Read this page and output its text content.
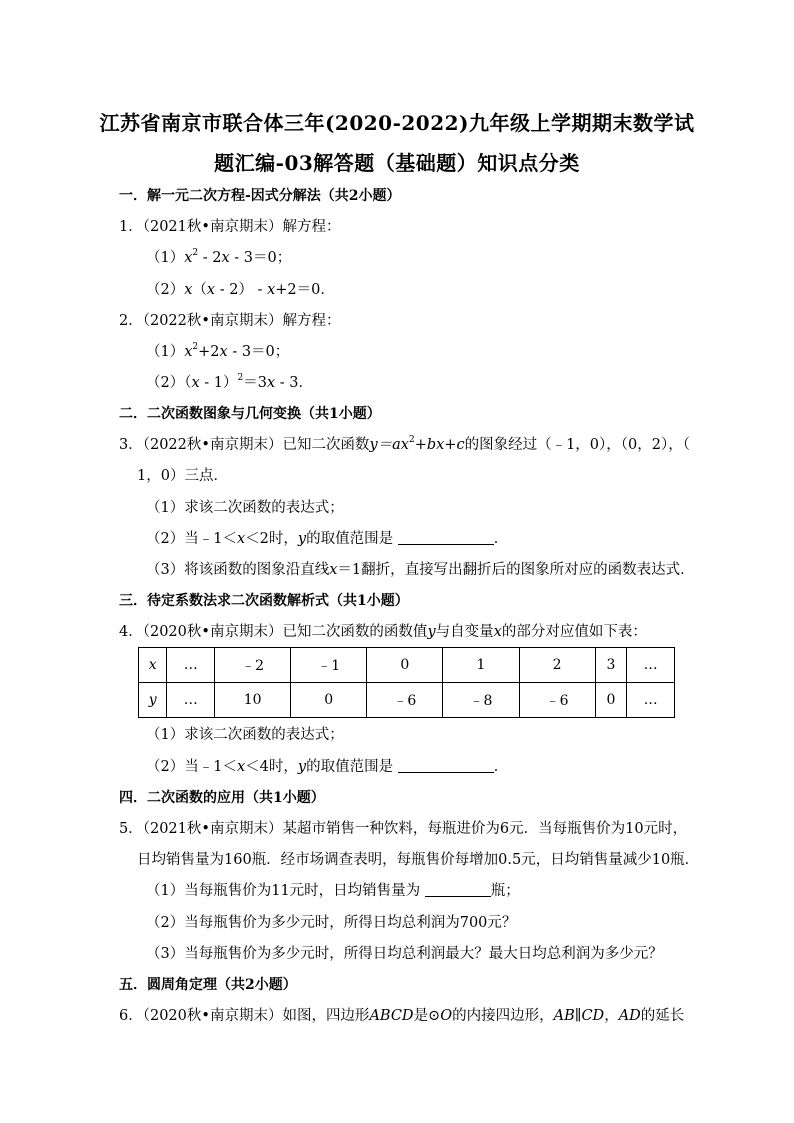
江苏省南京市联合体三年(2020-2022)九年级上学期期末数学试
题汇编-03解答题（基础题）知识点分类
一．解一元二次方程-因式分解法（共2小题）
1．（2021秋•南京期末）解方程：
$(1)x^2 - 2x - 3=0$；
（2）x（x - 2） - x+2＝0．
2．（2022秋•南京期末）解方程：
$(1)x^2+2x - 3=0$；
（2）（x - 1）$^2$＝3x - 3．
二．二次函数图象与几何变换（共1小题）
3．（2022秋•南京期末）已知二次函数$y=ax^2+bx+c$的图象经过（﹣1，0），（0，2），（
1，0）三点．
（1）求该二次函数的表达式；
（2）当﹣1＜x＜2时，y的取值范围是	．
（3）将该函数的图象沿直线x＝1翻折，直接写出翻折后的图象所对应的函数表达式．
三．待定系数法求二次函数解析式（共1小题）
4．（2020秋•南京期末）已知二次函数的函数值y与自变量x的部分对应值如下表：
x	…	﹣2	﹣1	0	1	2	3	…
y	…	10	0	﹣6	﹣8	﹣6	0	…
（1）求该二次函数的表达式；
（2）当﹣1＜x＜4时，y的取值范围是	．
四．二次函数的应用（共1小题）
5．（2021秋•南京期末）某超市销售一种饮料，每瓶进价为6元．当每瓶售价为10元时，
日均销售量为160瓶．经市场调查表明，每瓶售价每增加0.5元，日均销售量减少10瓶．
（1）当每瓶售价为11元时，日均销售量为	瓶；
（2）当每瓶售价为多少元时，所得日均总利润为700元？
（3）当每瓶售价为多少元时，所得日均总利润最大？最大日均总利润为多少元？
五．圆周角定理（共2小题）
6．（2020秋•南京期末）如图，四边形ABCD是⊙O的内接四边形，AB∥CD，AD的延长
